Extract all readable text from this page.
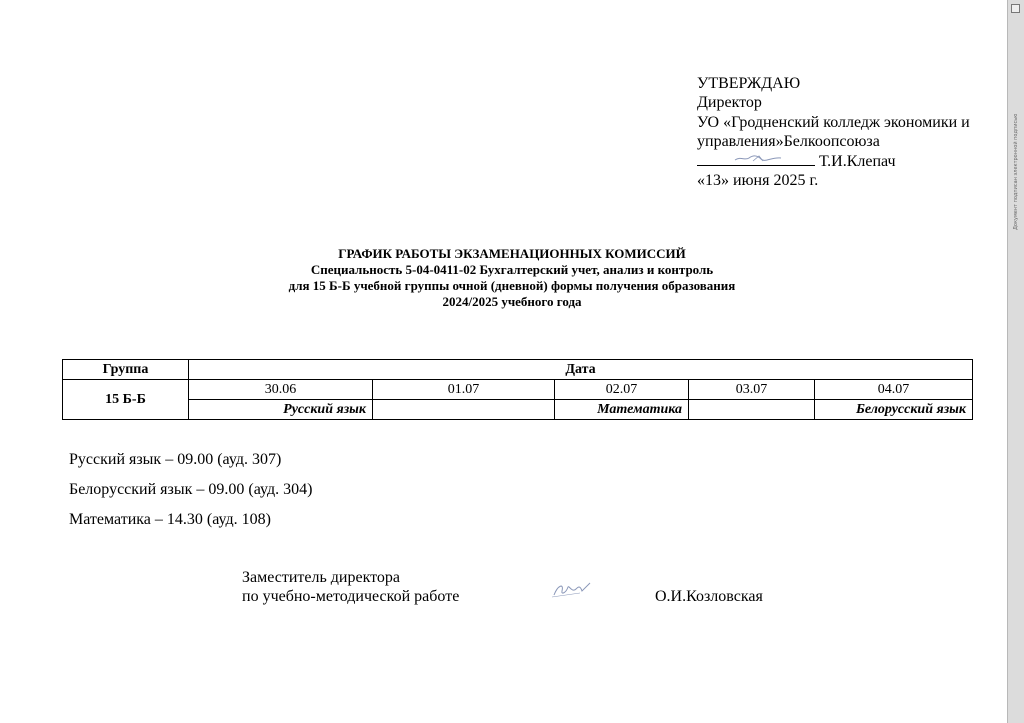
УТВЕРЖДАЮ
Директор
УО «Гродненский колледж экономики и
управления»Белкоопсоюза
Т.И.Клепач
«13» июня 2025 г.
ГРАФИК РАБОТЫ ЭКЗАМЕНАЦИОННЫХ КОМИССИЙ
Специальность 5-04-0411-02 Бухгалтерский учет, анализ и контроль
для 15 Б-Б учебной группы очной (дневной) формы получения образования
2024/2025 учебного года
Группа	Дата				
15 Б-Б	30.06	01.07	02.07	03.07	04.07
	Русский язык		Математика		Белорусский язык
Русский язык – 09.00 (ауд. 307)
Белорусский язык – 09.00 (ауд. 304)
Математика – 14.30 (ауд. 108)
Заместитель директора
по учебно-методической работе	О.И.Козловская
Документ подписан электронной подписью
